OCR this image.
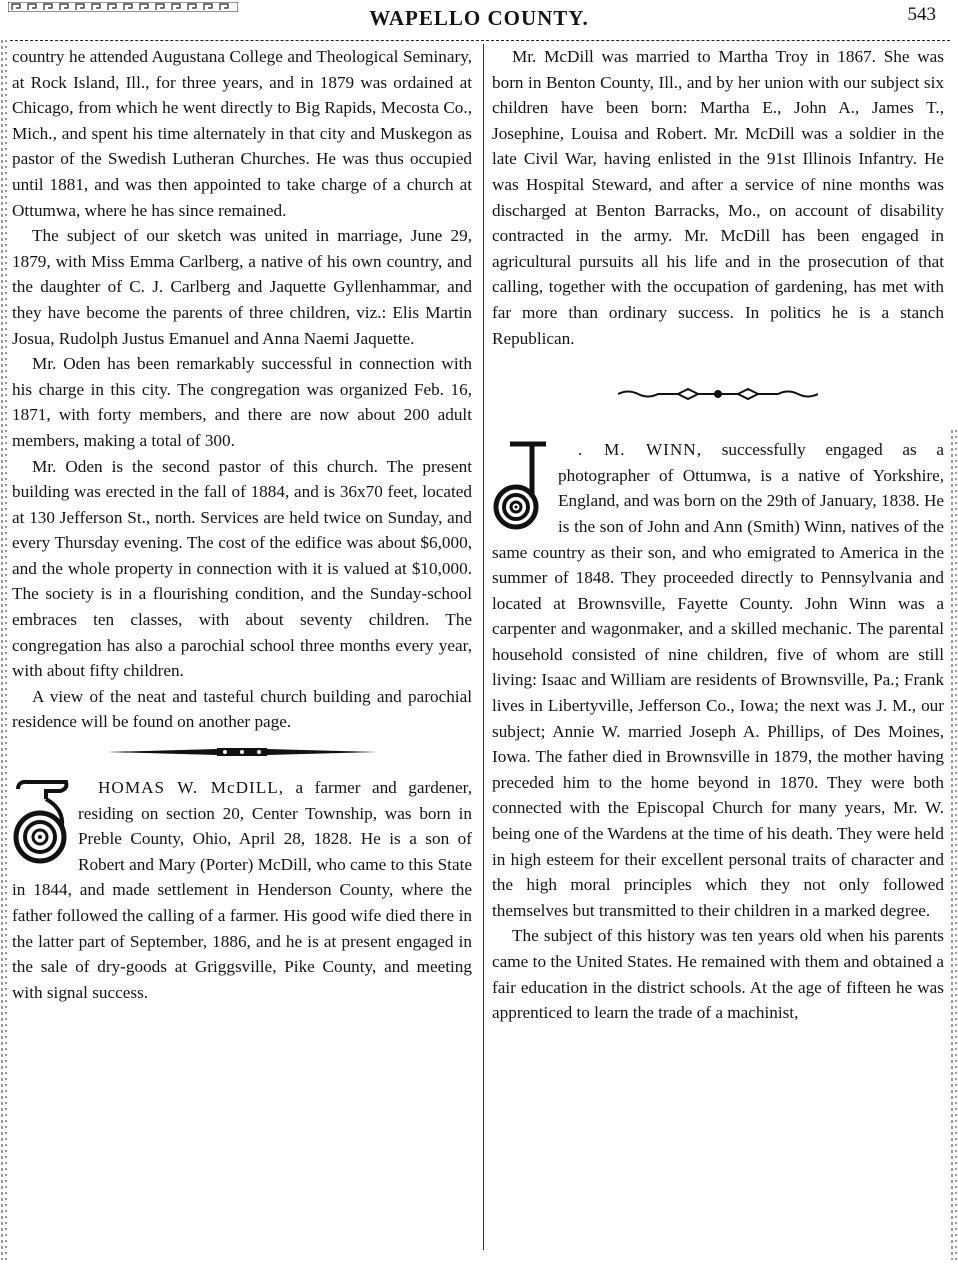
WAPELLO COUNTY.	543

country he attended Augustana College and Theological Seminary, at Rock Island, Ill., for three years, and in 1879 was ordained at Chicago, from which he went directly to Big Rapids, Mecosta Co., Mich., and spent his time alternately in that city and Muskegon as pastor of the Swedish Lutheran Churches. He was thus occupied until 1881, and was then appointed to take charge of a church at Ottumwa, where he has since remained.

The subject of our sketch was united in marriage, June 29, 1879, with Miss Emma Carlberg, a native of his own country, and the daughter of C. J. Carlberg and Jaquette Gyllenhammar, and they have become the parents of three children, viz.: Elis Martin Josua, Rudolph Justus Emanuel and Anna Naemi Jaquette.

Mr. Oden has been remarkably successful in connection with his charge in this city. The congregation was organized Feb. 16, 1871, with forty members, and there are now about 200 adult members, making a total of 300.

Mr. Oden is the second pastor of this church. The present building was erected in the fall of 1884, and is 36x70 feet, located at 130 Jefferson St., north. Services are held twice on Sunday, and every Thursday evening. The cost of the edifice was about $6,000, and the whole property in connection with it is valued at $10,000. The society is in a flourishing condition, and the Sunday-school embraces ten classes, with about seventy children. The congregation has also a parochial school three months every year, with about fifty children.

A view of the neat and tasteful church building and parochial residence will be found on another page.

HOMAS W. McDILL, a farmer and gardener, residing on section 20, Center Township, was born in Preble County, Ohio, April 28, 1828. He is a son of Robert and Mary (Porter) McDill, who came to this State in 1844, and made settlement in Henderson County, where the father followed the calling of a farmer. His good wife died there in the latter part of September, 1886, and he is at present engaged in the sale of dry-goods at Griggsville, Pike County, and meeting with signal success.

Mr. McDill was married to Martha Troy in 1867. She was born in Benton County, Ill., and by her union with our subject six children have been born: Martha E., John A., James T., Josephine, Louisa and Robert. Mr. McDill was a soldier in the late Civil War, having enlisted in the 91st Illinois Infantry. He was Hospital Steward, and after a service of nine months was discharged at Benton Barracks, Mo., on account of disability contracted in the army. Mr. McDill has been engaged in agricultural pursuits all his life and in the prosecution of that calling, together with the occupation of gardening, has met with far more than ordinary success. In politics he is a stanch Republican.

. M. WINN, successfully engaged as a photographer of Ottumwa, is a native of Yorkshire, England, and was born on the 29th of January, 1838. He is the son of John and Ann (Smith) Winn, natives of the same country as their son, and who emigrated to America in the summer of 1848. They proceeded directly to Pennsylvania and located at Brownsville, Fayette County. John Winn was a carpenter and wagonmaker, and a skilled mechanic. The parental household consisted of nine children, five of whom are still living: Isaac and William are residents of Brownsville, Pa.; Frank lives in Libertyville, Jefferson Co., Iowa; the next was J. M., our subject; Annie W. married Joseph A. Phillips, of Des Moines, Iowa. The father died in Brownsville in 1879, the mother having preceded him to the home beyond in 1870. They were both connected with the Episcopal Church for many years, Mr. W. being one of the Wardens at the time of his death. They were held in high esteem for their excellent personal traits of character and the high moral principles which they not only followed themselves but transmitted to their children in a marked degree.

The subject of this history was ten years old when his parents came to the United States. He remained with them and obtained a fair education in the district schools. At the age of fifteen he was apprenticed to learn the trade of a machinist,
